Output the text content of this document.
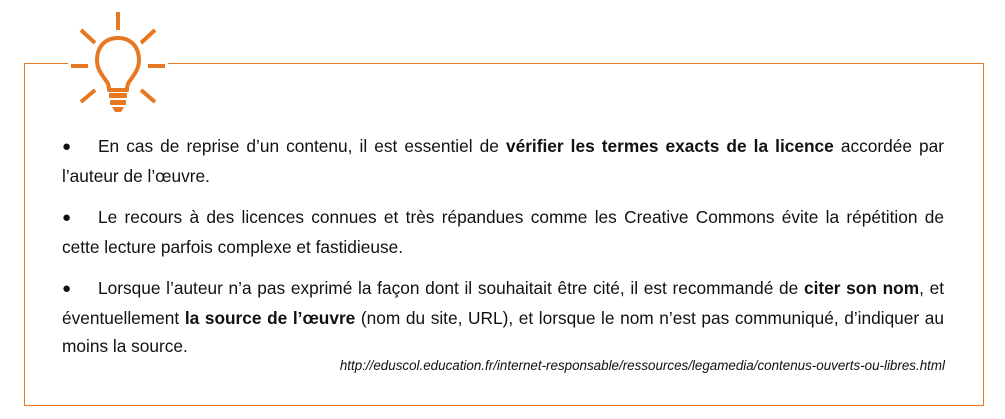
● En cas de reprise d’un contenu, il est essentiel de vérifier les termes exacts de la licence accordée par l’auteur de l’œuvre.

● Le recours à des licences connues et très répandues comme les Creative Commons évite la répétition de cette lecture parfois complexe et fastidieuse.

● Lorsque l’auteur n’a pas exprimé la façon dont il souhaitait être cité, il est recommandé de citer son nom, et éventuellement la source de l’œuvre (nom du site, URL), et lorsque le nom n’est pas communiqué, d’indiquer au moins la source.

http://eduscol.education.fr/internet-responsable/ressources/legamedia/contenus-ouverts-ou-libres.html
